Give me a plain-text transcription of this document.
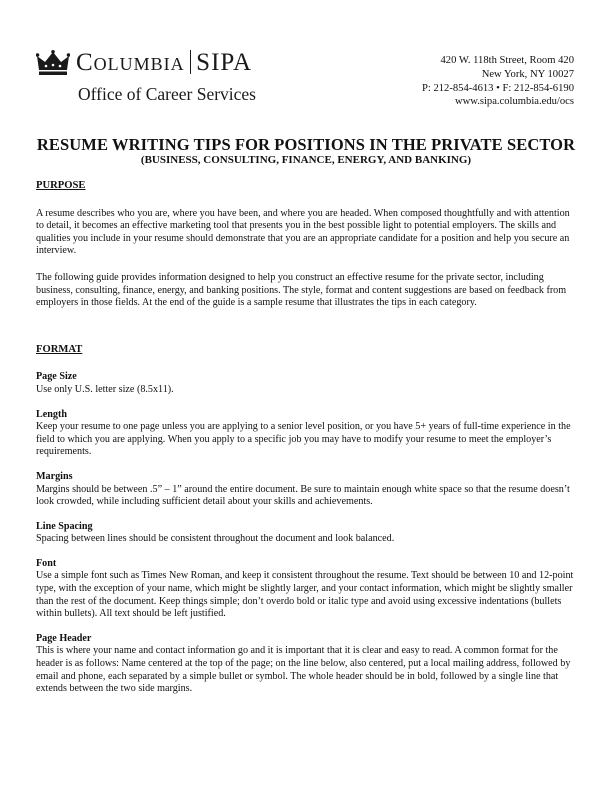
Columbia SIPA
Office of Career Services
420 W. 118th Street, Room 420
New York, NY 10027
P: 212-854-4613 • F: 212-854-6190
www.sipa.columbia.edu/ocs
RESUME WRITING TIPS FOR POSITIONS IN THE PRIVATE SECTOR
(BUSINESS, CONSULTING, FINANCE, ENERGY, AND BANKING)
PURPOSE

A resume describes who you are, where you have been, and where you are headed. When composed thoughtfully and with attention to detail, it becomes an effective marketing tool that presents you in the best possible light to potential employers. The skills and qualities you include in your resume should demonstrate that you are an appropriate candidate for a position and help you secure an interview.

The following guide provides information designed to help you construct an effective resume for the private sector, including business, consulting, finance, energy, and banking positions. The style, format and content suggestions are based on feedback from employers in those fields. At the end of the guide is a sample resume that illustrates the tips in each category.

FORMAT
Page Size
Use only U.S. letter size (8.5x11).
Length
Keep your resume to one page unless you are applying to a senior level position, or you have 5+ years of full-time experience in the field to which you are applying. When you apply to a specific job you may have to modify your resume to meet the employer’s requirements.
Margins
Margins should be between .5” – 1” around the entire document. Be sure to maintain enough white space so that the resume doesn’t look crowded, while including sufficient detail about your skills and achievements.
Line Spacing
Spacing between lines should be consistent throughout the document and look balanced.
Font
Use a simple font such as Times New Roman, and keep it consistent throughout the resume. Text should be between 10 and 12-point type, with the exception of your name, which might be slightly larger, and your contact information, which might be slightly smaller than the rest of the document. Keep things simple; don’t overdo bold or italic type and avoid using excessive indentations (bullets within bullets). All text should be left justified.
Page Header
This is where your name and contact information go and it is important that it is clear and easy to read. A common format for the header is as follows: Name centered at the top of the page; on the line below, also centered, put a local mailing address, followed by email and phone, each separated by a simple bullet or symbol. The whole header should be in bold, followed by a single line that extends between the two side margins.
